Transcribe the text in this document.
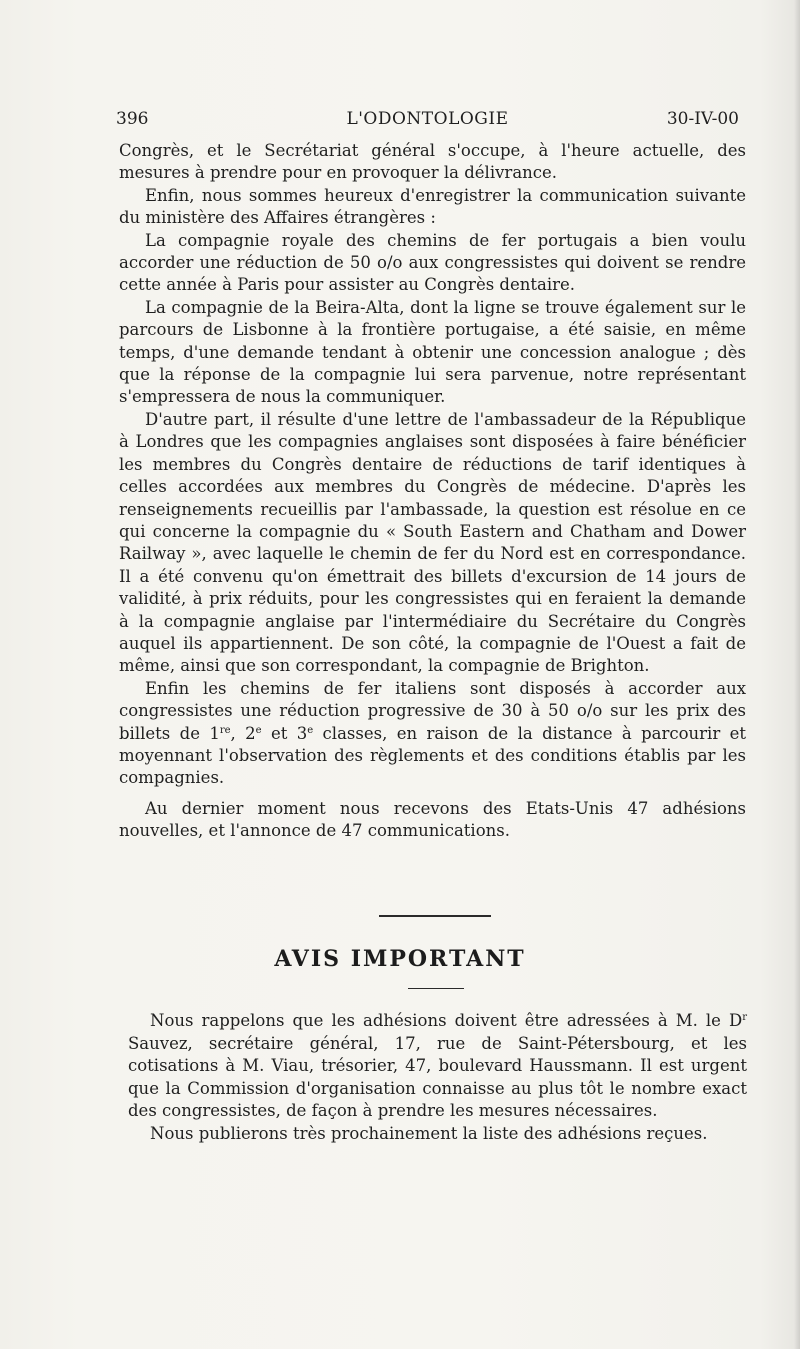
396	L'ODONTOLOGIE	30-IV-00

Congrès, et le Secrétariat général s'occupe, à l'heure actuelle, des mesures à prendre pour en provoquer la délivrance.

Enfin, nous sommes heureux d'enregistrer la communication suivante du ministère des Affaires étrangères :

La compagnie royale des chemins de fer portugais a bien voulu accorder une réduction de 50 o/o aux congressistes qui doivent se rendre cette année à Paris pour assister au Congrès dentaire.

La compagnie de la Beira-Alta, dont la ligne se trouve également sur le parcours de Lisbonne à la frontière portugaise, a été saisie, en même temps, d'une demande tendant à obtenir une concession analogue ; dès que la réponse de la compagnie lui sera parvenue, notre représentant s'empressera de nous la communiquer.

D'autre part, il résulte d'une lettre de l'ambassadeur de la République à Londres que les compagnies anglaises sont disposées à faire bénéficier les membres du Congrès dentaire de réductions de tarif identiques à celles accordées aux membres du Congrès de médecine. D'après les renseignements recueillis par l'ambassade, la question est résolue en ce qui concerne la compagnie du « South Eastern and Chatham and Dower Railway », avec laquelle le chemin de fer du Nord est en correspondance. Il a été convenu qu'on émettrait des billets d'excursion de 14 jours de validité, à prix réduits, pour les congressistes qui en feraient la demande à la compagnie anglaise par l'intermédiaire du Secrétaire du Congrès auquel ils appartiennent. De son côté, la compagnie de l'Ouest a fait de même, ainsi que son correspondant, la compagnie de Brighton.

Enfin les chemins de fer italiens sont disposés à accorder aux congressistes une réduction progressive de 30 à 50 o/o sur les prix des billets de 1re, 2e et 3e classes, en raison de la distance à parcourir et moyennant l'observation des règlements et des conditions établis par les compagnies.

Au dernier moment nous recevons des Etats-Unis 47 adhésions nouvelles, et l'annonce de 47 communications.

AVIS IMPORTANT

Nous rappelons que les adhésions doivent être adressées à M. le $D^r$ Sauvez, secrétaire général, 17, rue de Saint-Pétersbourg, et les cotisations à M. Viau, trésorier, 47, boulevard Haussmann. Il est urgent que la Commission d'organisation connaisse au plus tôt le nombre exact des congressistes, de façon à prendre les mesures nécessaires.

Nous publierons très prochainement la liste des adhésions reçues.
